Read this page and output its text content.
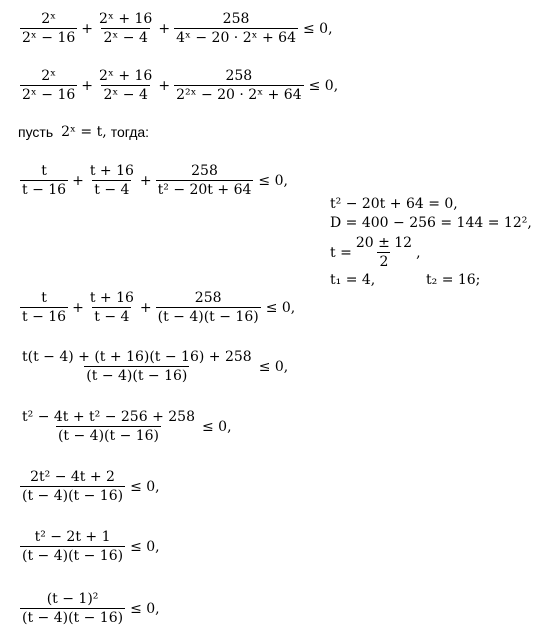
$\frac{\text{2ˣ}}{\text{2ˣ − 16}} + \frac{\text{2ˣ + 16}}{\text{2ˣ − 4}} + \frac{258}{\text{4ˣ − 20 · 2ˣ + 64}} \le 0$,
$\frac{\text{2ˣ}}{\text{2ˣ − 16}} + \frac{\text{2ˣ + 16}}{\text{2ˣ − 4}} + \frac{258}{\text{2²ˣ − 20 · 2ˣ + 64}} \le 0$,
пусть 2ˣ = t, тогда:
$\frac{t}{t - 16} + \frac{t + 16}{t - 4} + \frac{258}{\text{t² − 20t + 64}} \le 0$,
t² − 20t + 64 = 0,
D = 400 − 256 = 144 = 12²,
$t = \frac{20 \pm 12}{2}$ ,
t₁ = 4,	t₂ = 16;
$\frac{t}{t - 16} + \frac{t + 16}{t - 4} + \frac{258}{(t - 4)(t - 16)} \le 0$,
$\frac{t(t - 4) + (t + 16)(t - 16) + 258}{(t - 4)(t - 16)} \le 0$,
$\frac{\text{t² − 4t + t² − 256 + 258}}{(t - 4)(t - 16)} \le 0$,
$\frac{\text{2t² − 4t + 2}}{(t - 4)(t - 16)} \le 0$,
$\frac{\text{t² − 2t + 1}}{(t - 4)(t - 16)} \le 0$,
$\frac{\text{(t − 1)²}}{(t - 4)(t - 16)} \le 0$,
